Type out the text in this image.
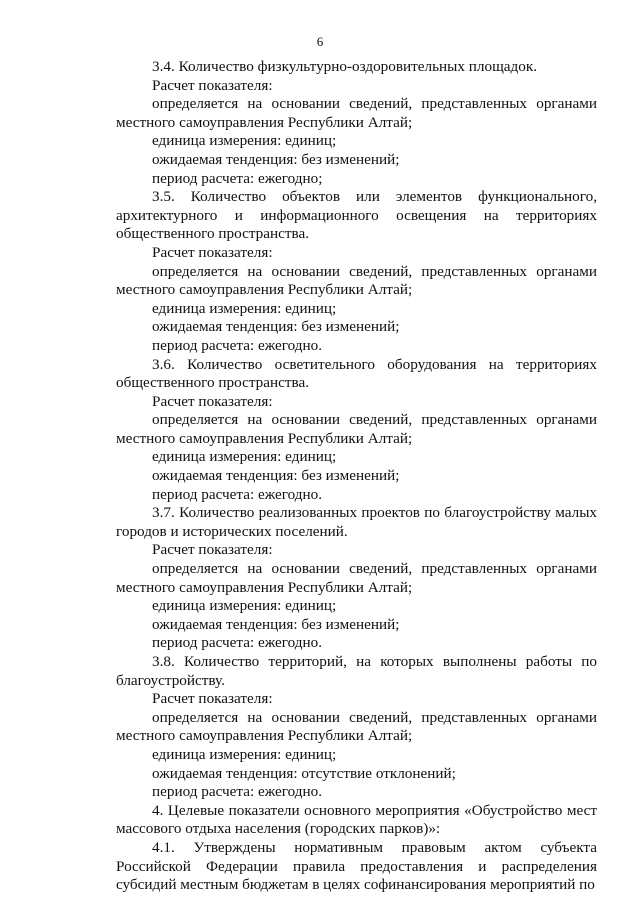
6

3.4. Количество физкультурно-оздоровительных площадок.

Расчет показателя:

определяется на основании сведений, представленных органами местного самоуправления Республики Алтай;

единица измерения: единиц;

ожидаемая тенденция: без изменений;

период расчета: ежегодно;

3.5. Количество объектов или элементов функционального, архитектурного и информационного освещения на территориях общественного пространства.

Расчет показателя:

определяется на основании сведений, представленных органами местного самоуправления Республики Алтай;

единица измерения: единиц;

ожидаемая тенденция: без изменений;

период расчета: ежегодно.

3.6. Количество осветительного оборудования на территориях общественного пространства.

Расчет показателя:

определяется на основании сведений, представленных органами местного самоуправления Республики Алтай;

единица измерения: единиц;

ожидаемая тенденция: без изменений;

период расчета: ежегодно.

3.7. Количество реализованных проектов по благоустройству малых городов и исторических поселений.

Расчет показателя:

определяется на основании сведений, представленных органами местного самоуправления Республики Алтай;

единица измерения: единиц;

ожидаемая тенденция: без изменений;

период расчета: ежегодно.

3.8. Количество территорий, на которых выполнены работы по благоустройству.

Расчет показателя:

определяется на основании сведений, представленных органами местного самоуправления Республики Алтай;

единица измерения: единиц;

ожидаемая тенденция: отсутствие отклонений;

период расчета: ежегодно.

4. Целевые показатели основного мероприятия «Обустройство мест массового отдыха населения (городских парков)»:

4.1. Утверждены нормативным правовым актом субъекта Российской Федерации правила предоставления и распределения субсидий местным бюджетам в целях софинансирования мероприятий по
